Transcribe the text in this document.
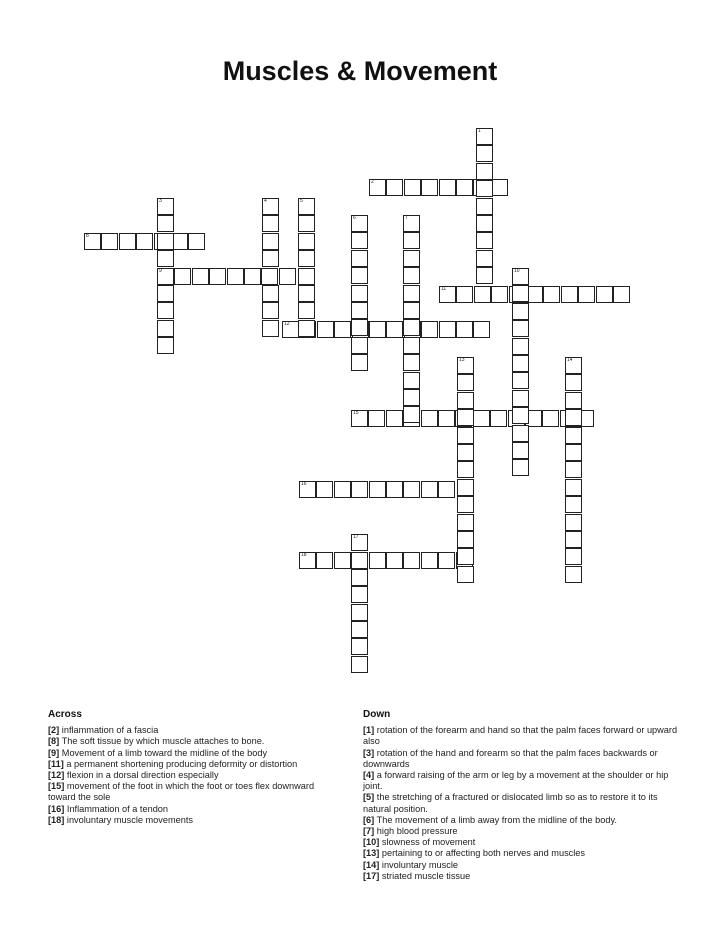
Muscles & Movement
2
8
9
11
12
15
16
18
1
3	4	5
6	7
10
13	14
17
Across
[2] inflammation of a fascia
[8] The soft tissue by which muscle attaches to bone.
[9] Movement of a limb toward the midline of the body
[11] a permanent shortening producing deformity or distortion
[12] flexion in a dorsal direction especially
[15] movement of the foot in which the foot or toes flex downward toward the sole
[16] Inflammation of a tendon
[18] involuntary muscle movements
Down
[1] rotation of the forearm and hand so that the palm faces forward or upward also
[3] rotation of the hand and forearm so that the palm faces backwards or downwards
[4] a forward raising of the arm or leg by a movement at the shoulder or hip joint.
[5] the stretching of a fractured or dislocated limb so as to restore it to its natural position.
[6] The movement of a limb away from the midline of the body.
[7] high blood pressure
[10] slowness of movement
[13] pertaining to or affecting both nerves and muscles
[14] involuntary muscle
[17] striated muscle tissue
